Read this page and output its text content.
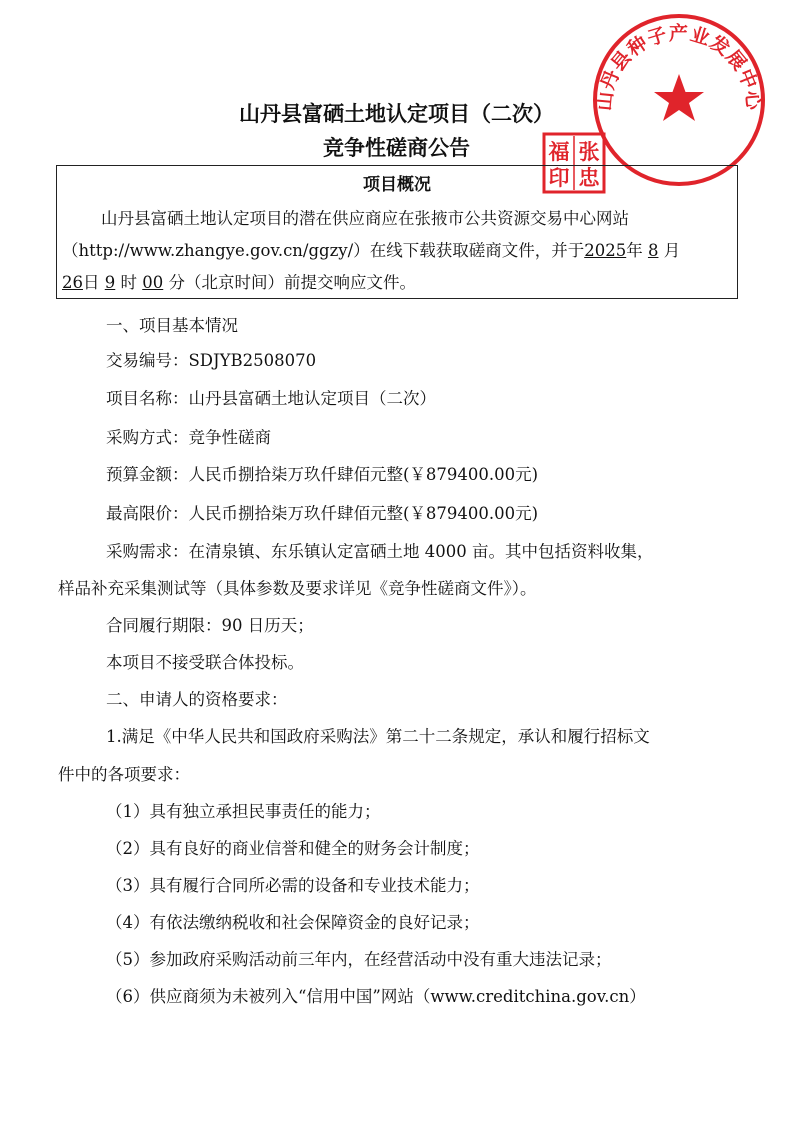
山丹县富硒土地认定项目（二次）
竞争性磋商公告
山丹县种子产业发展中心
福 张
印 忠
项目概况
山丹县富硒土地认定项目的潜在供应商应在张掖市公共资源交易中心网站
（http://www.zhangye.gov.cn/ggzy/）在线下载获取磋商文件，并于2025年 8 月
26日 9 时 00 分（北京时间）前提交响应文件。
一、项目基本情况
交易编号：SDJYB2508070
项目名称：山丹县富硒土地认定项目（二次）
采购方式：竞争性磋商
预算金额：人民币捌拾柒万玖仟肆佰元整(￥879400.00元)
最高限价：人民币捌拾柒万玖仟肆佰元整(￥879400.00元)
采购需求：在清泉镇、东乐镇认定富硒土地 4000 亩。其中包括资料收集，
样品补充采集测试等（具体参数及要求详见《竞争性磋商文件》）。
合同履行期限：90 日历天；
本项目不接受联合体投标。
二、申请人的资格要求：
1.满足《中华人民共和国政府采购法》第二十二条规定，承认和履行招标文
件中的各项要求：
（1）具有独立承担民事责任的能力；
（2）具有良好的商业信誉和健全的财务会计制度；
（3）具有履行合同所必需的设备和专业技术能力；
（4）有依法缴纳税收和社会保障资金的良好记录；
（5）参加政府采购活动前三年内，在经营活动中没有重大违法记录；
（6）供应商须为未被列入“信用中国”网站（www.creditchina.gov.cn）
